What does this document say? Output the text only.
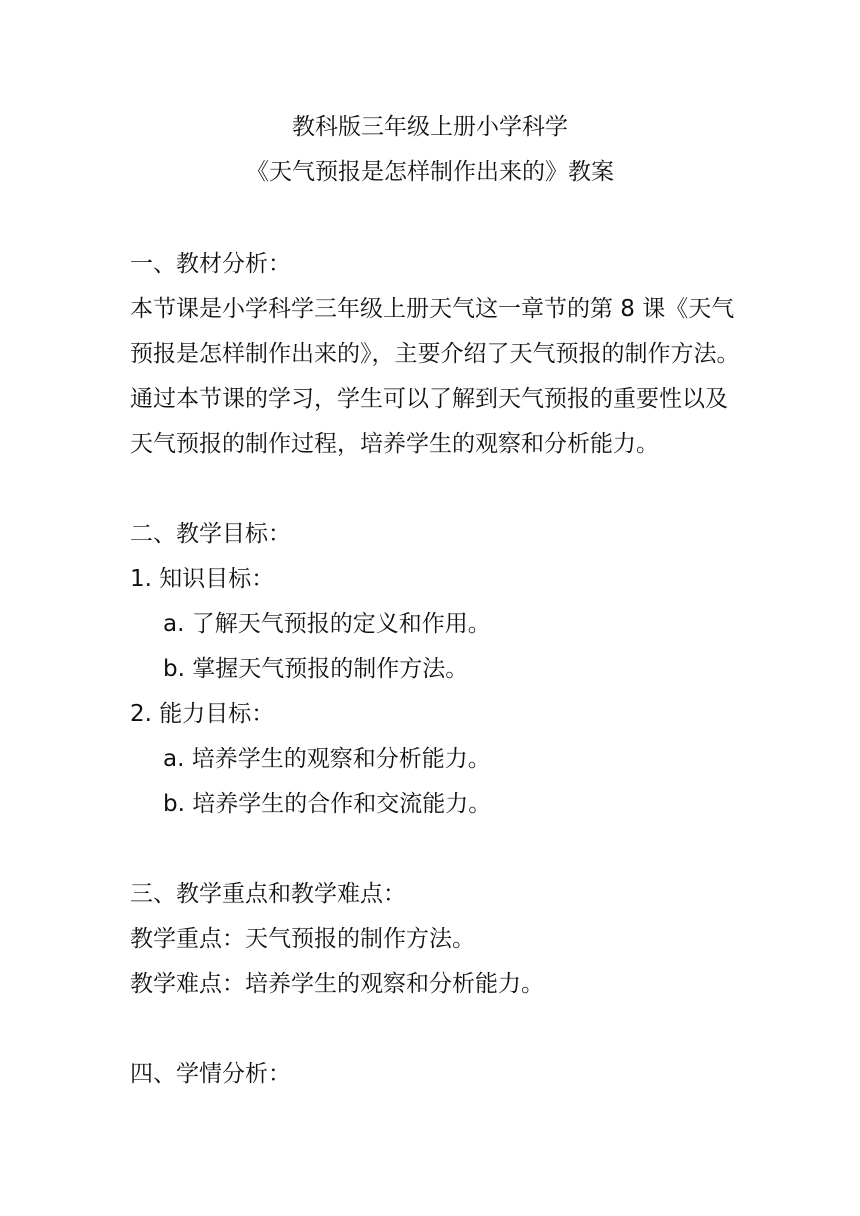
教科版三年级上册小学科学
《天气预报是怎样制作出来的》教案
一、教材分析：
本节课是小学科学三年级上册天气这一章节的第 8 课《天气
预报是怎样制作出来的》，主要介绍了天气预报的制作方法。
通过本节课的学习，学生可以了解到天气预报的重要性以及
天气预报的制作过程，培养学生的观察和分析能力。
二、教学目标：
1. 知识目标：
a. 了解天气预报的定义和作用。
b. 掌握天气预报的制作方法。
2. 能力目标：
a. 培养学生的观察和分析能力。
b. 培养学生的合作和交流能力。
三、教学重点和教学难点：
教学重点：天气预报的制作方法。
教学难点：培养学生的观察和分析能力。
四、学情分析：
